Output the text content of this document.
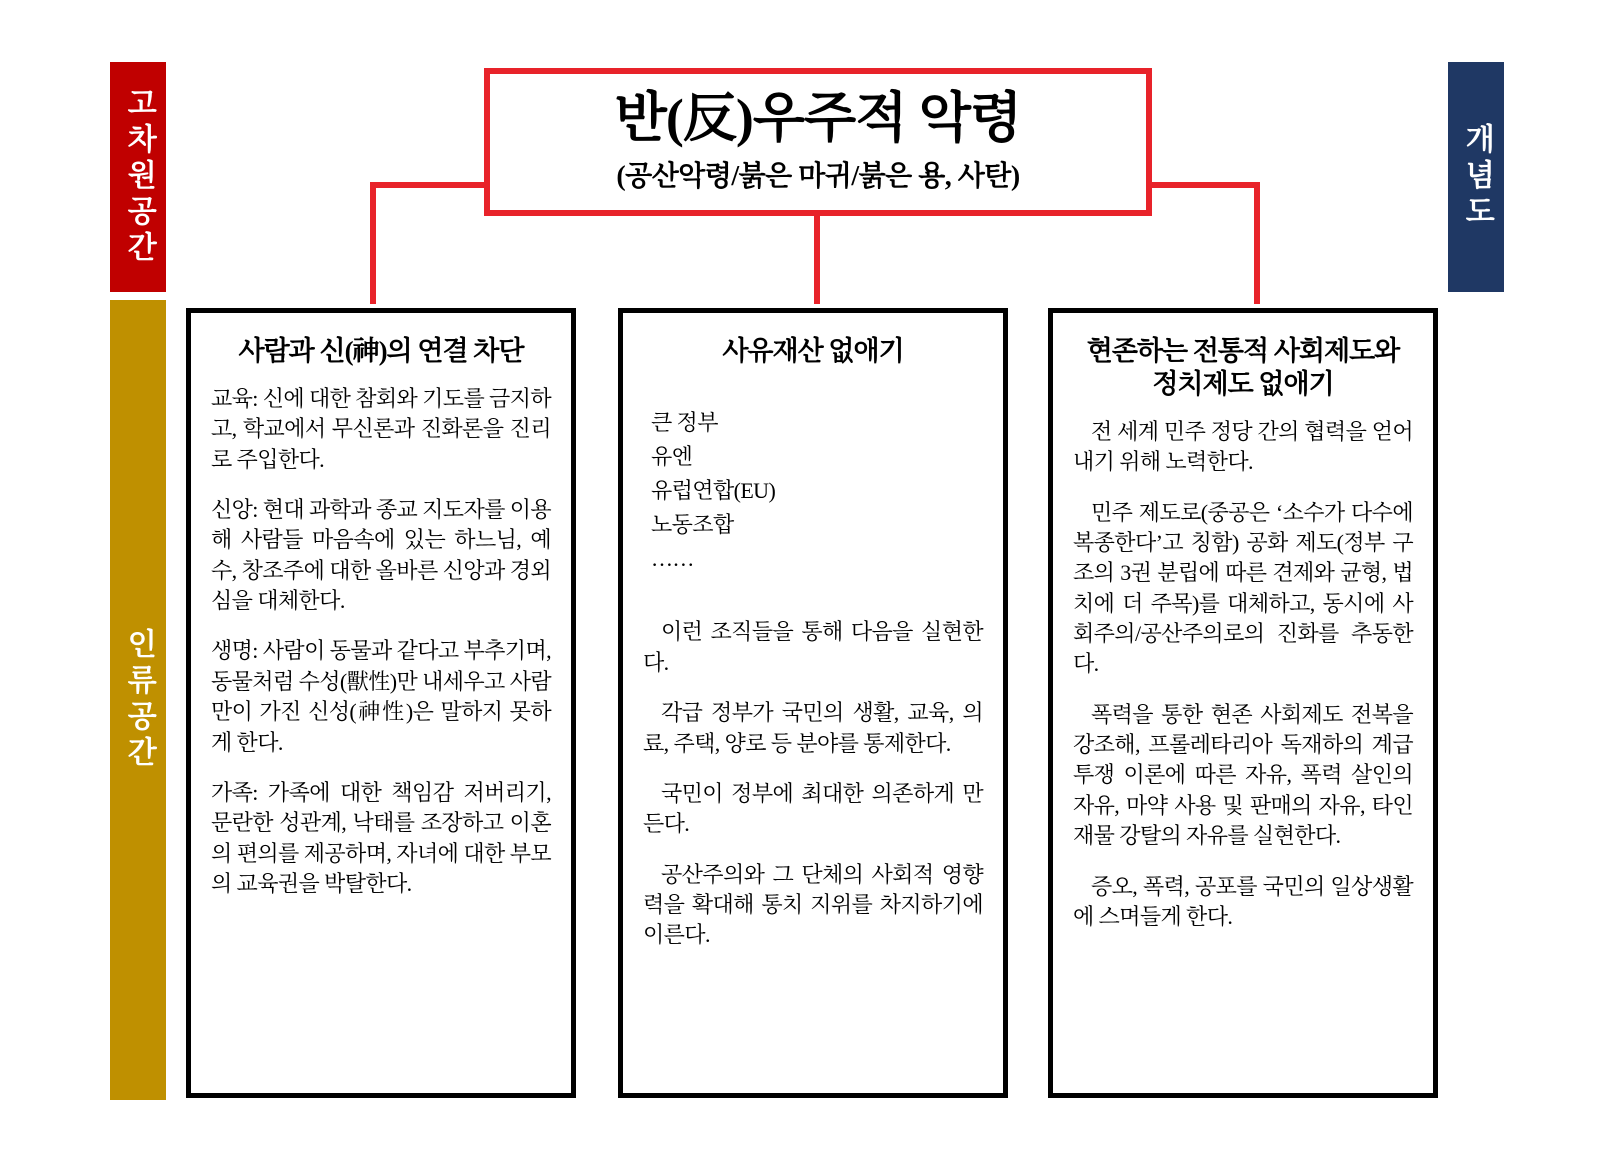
고차원공간
인류공간
개념도
반(反)우주적 악령
(공산악령/붉은 마귀/붉은 용, 사탄)
사람과 신(神)의 연결 차단

교육: 신에 대한 참회와 기도를 금지하고, 학교에서 무신론과 진화론을 진리로 주입한다.

신앙: 현대 과학과 종교 지도자를 이용해 사람들 마음속에 있는 하느님, 예수, 창조주에 대한 올바른 신앙과 경외심을 대체한다.

생명: 사람이 동물과 같다고 부추기며, 동물처럼 수성(獸性)만 내세우고 사람만이 가진 신성(神性)은 말하지 못하게 한다.

가족: 가족에 대한 책임감 저버리기, 문란한 성관계, 낙태를 조장하고 이혼의 편의를 제공하며, 자녀에 대한 부모의 교육권을 박탈한다.

사유재산 없애기

큰 정부

유엔

유럽연합(EU)

노동조합

……

이런 조직들을 통해 다음을 실현한다.

각급 정부가 국민의 생활, 교육, 의료, 주택, 양로 등 분야를 통제한다.

국민이 정부에 최대한 의존하게 만든다.

공산주의와 그 단체의 사회적 영향력을 확대해 통치 지위를 차지하기에 이른다.

현존하는 전통적 사회제도와 정치제도 없애기

전 세계 민주 정당 간의 협력을 얻어내기 위해 노력한다.

민주 제도로(중공은 ‘소수가 다수에 복종한다’고 칭함) 공화 제도(정부 구조의 3권 분립에 따른 견제와 균형, 법치에 더 주목)를 대체하고, 동시에 사회주의/공산주의로의 진화를 추동한다.

폭력을 통한 현존 사회제도 전복을 강조해, 프롤레타리아 독재하의 계급투쟁 이론에 따른 자유, 폭력 살인의 자유, 마약 사용 및 판매의 자유, 타인 재물 강탈의 자유를 실현한다.

증오, 폭력, 공포를 국민의 일상생활에 스며들게 한다.
